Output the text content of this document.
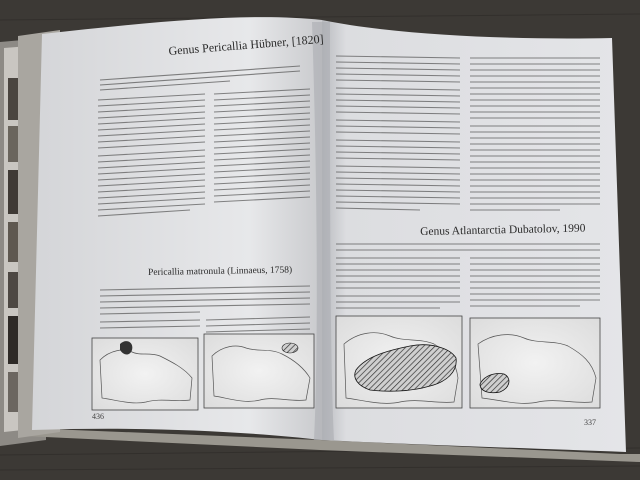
Genus Pericallia Hübner, [1820]
Pericallia matronula (Linnaeus, 1758)
Genus Atlantarctia Dubatolov, 1990
436
337
